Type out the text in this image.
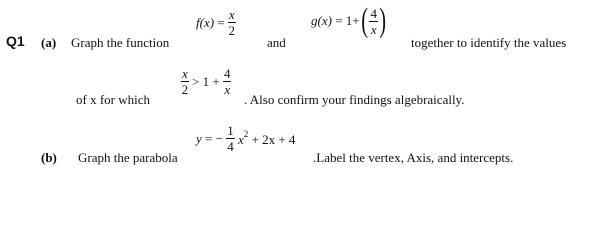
Q1 (a) Graph the function
$f(x) = \frac{x}{2}$
and
g(x) = 1+ ( $\frac{4}{x}$ )
together to identify the values
of x for which
$\frac{x}{2} > 1 + \frac{4}{x}$
. Also confirm your findings algebraically.
(b) Graph the parabola
y = − $\frac{1}{4} x^2 + 2x + 4$
.Label the vertex, Axis, and intercepts.
